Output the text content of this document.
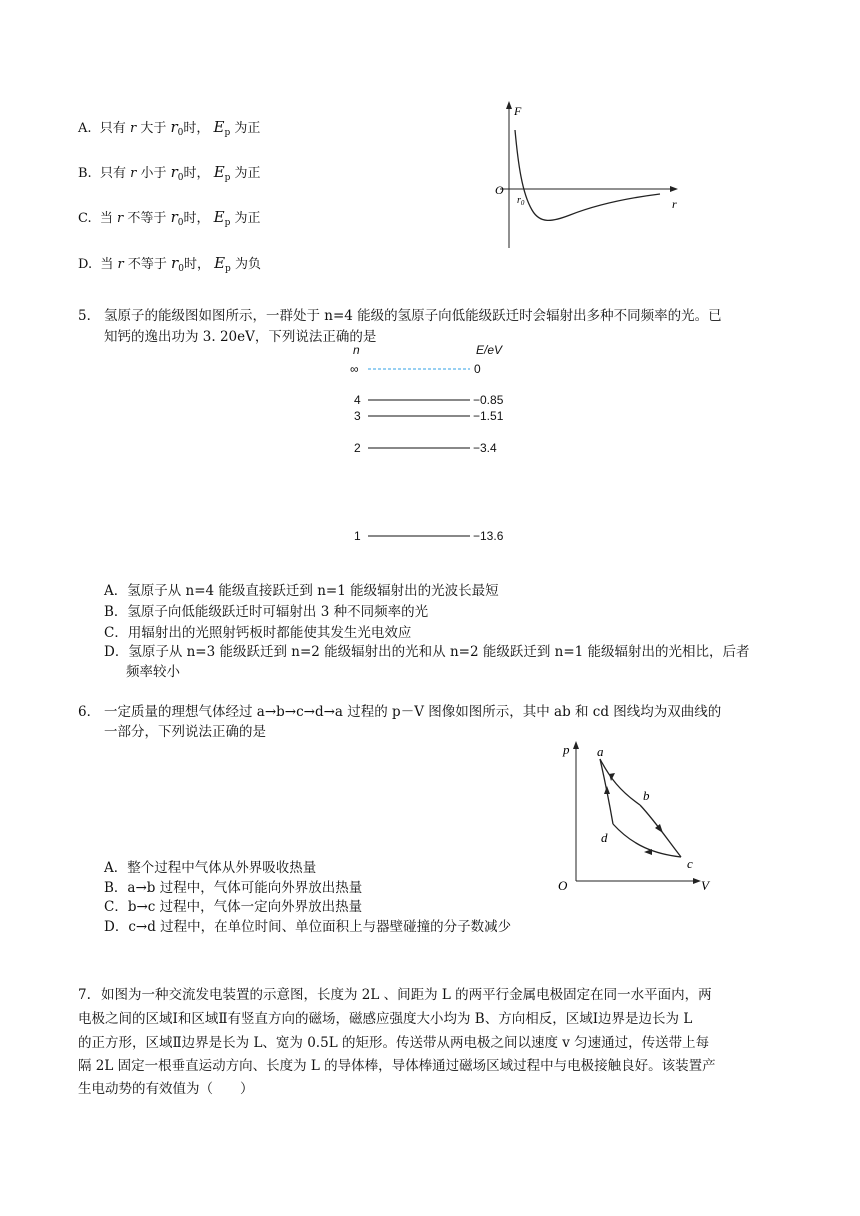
A. 只有 r 大于 $r_0$时， $E_p$ 为正
B. 只有 r 小于 $r_0$时， $E_p$ 为正
C. 当 r 不等于 $r_0$时， $E_p$ 为正
D. 当 r 不等于 $r_0$时， $E_p$ 为负
F
r
O
$r_0$
5． 氢原子的能级图如图所示，一群处于 n=4 能级的氢原子向低能级跃迁时会辐射出多种不同频率的光。已
知钙的逸出功为 3. 20eV，下列说法正确的是
n	E/eV
∞	0
4	−0.85
3	−1.51
2	−3.4
1	−13.6
A．氢原子从 n=4 能级直接跃迁到 n=1 能级辐射出的光波长最短
B．氢原子向低能级跃迁时可辐射出 3 种不同频率的光
C．用辐射出的光照射钙板时都能使其发生光电效应
D．氢原子从 n=3 能级跃迁到 n=2 能级辐射出的光和从 n=2 能级跃迁到 n=1 能级辐射出的光相比，后者
频率较小
6． 一定质量的理想气体经过 a→b→c→d→a 过程的 p－V 图像如图所示，其中 ab 和 cd 图线均为双曲线的
一部分，下列说法正确的是
p
V
O
a
b
c
d
A．整个过程中气体从外界吸收热量
B．a→b 过程中，气体可能向外界放出热量
C．b→c 过程中，气体一定向外界放出热量
D．c→d 过程中，在单位时间、单位面积上与器壁碰撞的分子数减少
7. 如图为一种交流发电装置的示意图，长度为 2L 、间距为 L 的两平行金属电极固定在同一水平面内，两
电极之间的区域Ⅰ和区域Ⅱ有竖直方向的磁场，磁感应强度大小均为 B、方向相反，区域Ⅰ边界是边长为 L
的正方形，区域Ⅱ边界是长为 L、宽为 0.5L 的矩形。传送带从两电极之间以速度 v 匀速通过，传送带上每
隔 2L 固定一根垂直运动方向、长度为 L 的导体棒，导体棒通过磁场区域过程中与电极接触良好。该装置产
生电动势的有效值为（　　）
